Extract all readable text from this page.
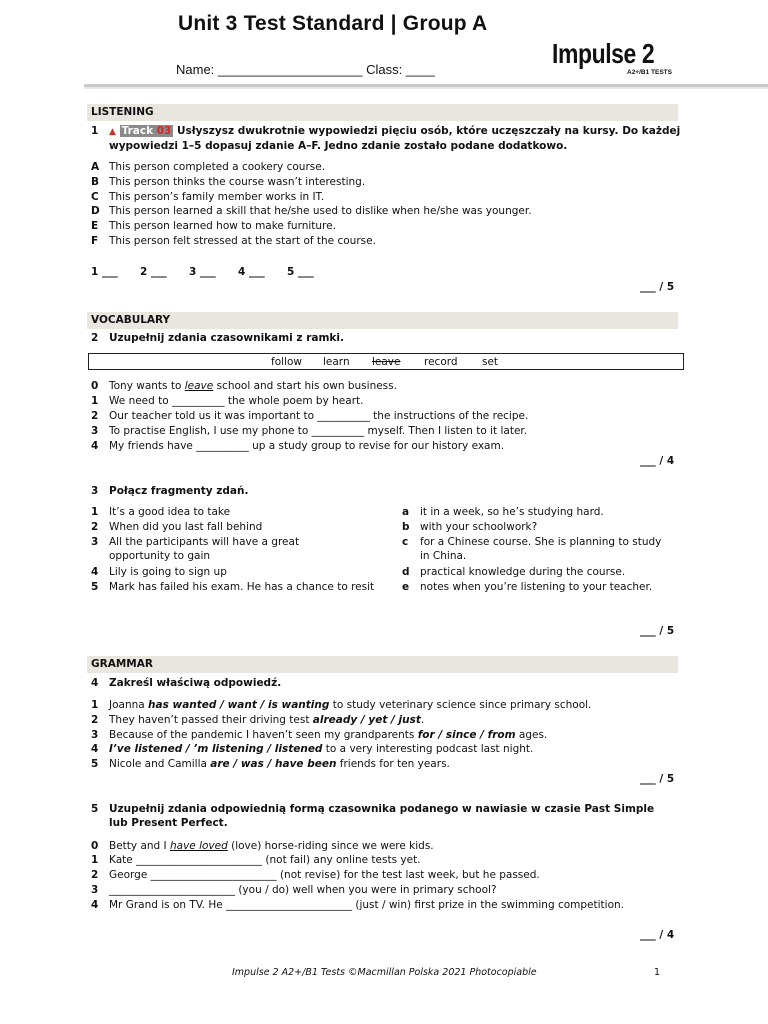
Unit 3 Test Standard | Group A
Name: ____________________ Class: ____
Impulse 2
A2+/B1 TESTS
LISTENING
1 ▲ Track 03 Usłyszysz dwukrotnie wypowiedzi pięciu osób, które uczęszczały na kursy. Do każdej
wypowiedzi 1–5 dopasuj zdanie A–F. Jedno zdanie zostało podane dodatkowo.
A This person completed a cookery course.
B This person thinks the course wasn’t interesting.
C This person’s family member works in IT.
D This person learned a skill that he/she used to dislike when he/she was younger.
E This person learned how to make furniture.
F This person felt stressed at the start of the course.
1 ___ 2 ___ 3 ___ 4 ___ 5 ___
___ / 5
VOCABULARY
2 Uzupełnij zdania czasownikami z ramki.
follow learn leave record set
0 Tony wants to leave school and start his own business.
1 We need to __________ the whole poem by heart.
2 Our teacher told us it was important to __________ the instructions of the recipe.
3 To practise English, I use my phone to __________ myself. Then I listen to it later.
4 My friends have __________ up a study group to revise for our history exam.
___ / 4
3 Połącz fragmenty zdań.
1 It’s a good idea to take
2 When did you last fall behind
3 All the participants will have a great
opportunity to gain
4 Lily is going to sign up
5 Mark has failed his exam. He has a chance to resit
a it in a week, so he’s studying hard.
b with your schoolwork?
c for a Chinese course. She is planning to study
in China.
d practical knowledge during the course.
e notes when you’re listening to your teacher.
___ / 5
GRAMMAR
4 Zakreśl właściwą odpowiedź.
1 Joanna has wanted / want / is wanting to study veterinary science since primary school.
2 They haven’t passed their driving test already / yet / just.
3 Because of the pandemic I haven’t seen my grandparents for / since / from ages.
4 I’ve listened / ’m listening / listened to a very interesting podcast last night.
5 Nicole and Camilla are / was / have been friends for ten years.
___ / 5
5 Uzupełnij zdania odpowiednią formą czasownika podanego w nawiasie w czasie Past Simple
lub Present Perfect.
0 Betty and I have loved (love) horse-riding since we were kids.
1 Kate ________________________ (not fail) any online tests yet.
2 George ________________________ (not revise) for the test last week, but he passed.
3 ________________________ (you / do) well when you were in primary school?
4 Mr Grand is on TV. He ________________________ (just / win) first prize in the swimming competition.
___ / 4
Impulse 2 A2+/B1 Tests ©Macmillan Polska 2021 Photocopiable	1
